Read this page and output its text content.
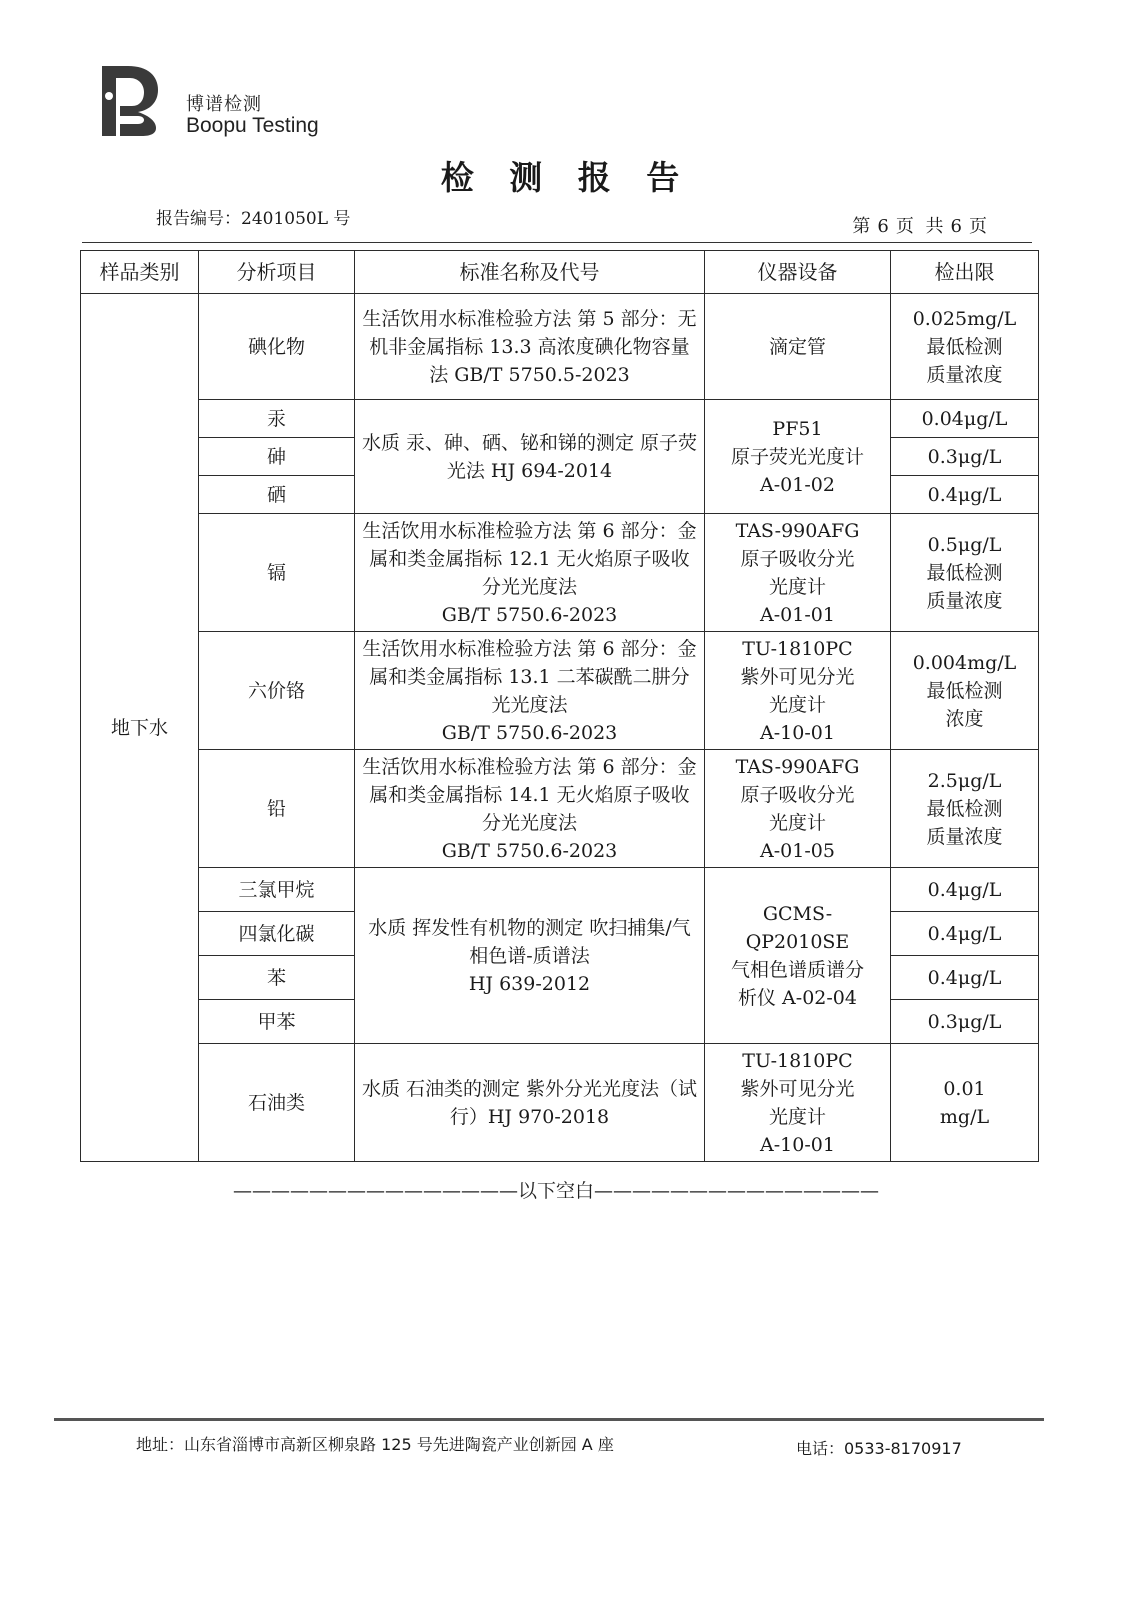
博谱检测
Boopu Testing
检 测 报 告
报告编号：2401050L 号	第 6 页 共 6 页
样品类别	分析项目	标准名称及代号	仪器设备	检出限
地下水	碘化物	生活饮用水标准检验方法 第 5 部分：无机非金属指标 13.3 高浓度碘化物容量法 GB/T 5750.5-2023	滴定管	0.025mg/L
最低检测
质量浓度
	汞	水质 汞、砷、硒、铋和锑的测定 原子荧光法 HJ 694-2014	PF51
原子荧光光度计
A-01-02	0.04μg/L
	砷			0.3μg/L
	硒			0.4μg/L
	镉	生活饮用水标准检验方法 第 6 部分：金属和类金属指标 12.1 无火焰原子吸收分光光度法
GB/T 5750.6-2023	TAS-990AFG
原子吸收分光
光度计
A-01-01	0.5μg/L
最低检测
质量浓度
	六价铬	生活饮用水标准检验方法 第 6 部分：金属和类金属指标 13.1 二苯碳酰二肼分光光度法
GB/T 5750.6-2023	TU-1810PC
紫外可见分光
光度计
A-10-01	0.004mg/L
最低检测
浓度
	铅	生活饮用水标准检验方法 第 6 部分：金属和类金属指标 14.1 无火焰原子吸收分光光度法
GB/T 5750.6-2023	TAS-990AFG
原子吸收分光
光度计
A-01-05	2.5μg/L
最低检测
质量浓度
	三氯甲烷	水质 挥发性有机物的测定 吹扫捕集/气相色谱-质谱法
HJ 639-2012	GCMS-
QP2010SE
气相色谱质谱分
析仪 A-02-04	0.4μg/L
	四氯化碳			0.4μg/L
	苯			0.4μg/L
	甲苯			0.3μg/L
	石油类	水质 石油类的测定 紫外分光光度法（试行）HJ 970-2018	TU-1810PC
紫外可见分光
光度计
A-10-01	0.01
mg/L
———————————————以下空白———————————————
地址：山东省淄博市高新区柳泉路 125 号先进陶瓷产业创新园 A 座	电话：0533-8170917
